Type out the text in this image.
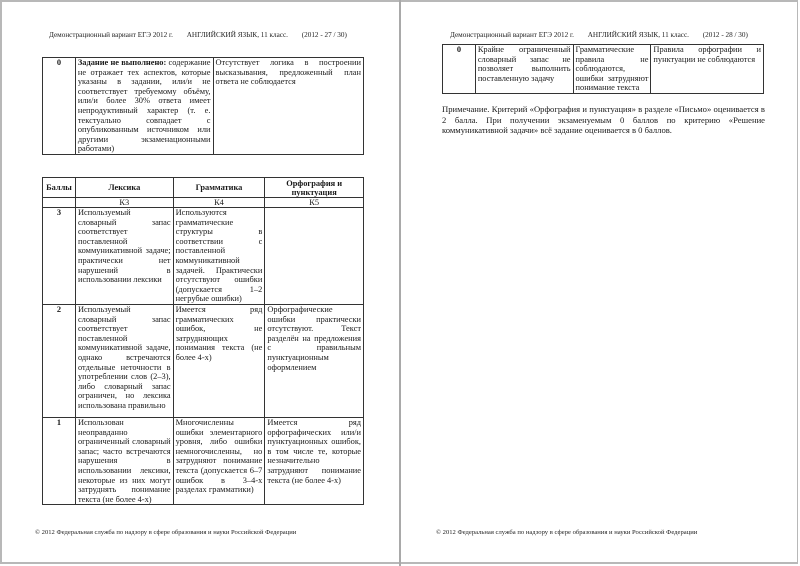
Демонстрационный вариант ЕГЭ 2012 г. АНГЛИЙСКИЙ ЯЗЫК, 11 класс. (2012 - 27 / 30)
0	Задание не выполнено: содержание не отражает тех аспектов, которые указаны в задании, или/и не соответствует требуемому объёму, или/и более 30% ответа имеет непродуктивный характер (т. е. текстуально совпадает с опубликованным источником или другими экзаменационными работами)	Отсутствует логика в построении высказывания, предложенный план ответа не соблюдается
Баллы	Лексика	Грамматика	Орфография и пунктуация
	К3	К4	К5
3	Используемый словарный запас соответствует поставленной коммуникативной задаче; практически нет нарушений в использовании лексики	Используются грамматические структуры в соответствии с поставленной коммуникативной задачей. Практически отсутствуют ошибки (допускается 1–2 негрубые ошибки)	
2	Используемый словарный запас соответствует поставленной коммуникативной задаче, однако встречаются отдельные неточности в употреблении слов (2–3), либо словарный запас ограничен, но лексика использована правильно	Имеется ряд грамматических ошибок, не затрудняющих понимания текста (не более 4-х)	Орфографические ошибки практически отсутствуют. Текст разделён на предложения с правильным пунктуационным оформлением
1	Использован неоправданно ограниченный словарный запас; часто встречаются нарушения в использовании лексики, некоторые из них могут затруднять понимание текста (не более 4-х)	Многочисленны ошибки элементарного уровня, либо ошибки немногочисленны, но затрудняют понимание текста (допускается 6–7 ошибок в 3–4-х разделах грамматики)	Имеется ряд орфографических или/и пунктуационных ошибок, в том числе те, которые незначительно затрудняют понимание текста (не более 4-х)
© 2012 Федеральная служба по надзору в сфере образования и науки Российской Федерации
Демонстрационный вариант ЕГЭ 2012 г. АНГЛИЙСКИЙ ЯЗЫК, 11 класс. (2012 - 28 / 30)
0	Крайне ограниченный словарный запас не позволяет выполнить поставленную задачу	Грамматические правила не соблюдаются, ошибки затрудняют понимание текста	Правила орфографии и пунктуации не соблюдаются
Примечание. Критерий «Орфография и пунктуация» в разделе «Письмо» оценивается в 2 балла. При получении экзаменуемым 0 баллов по критерию «Решение коммуникативной задачи» всё задание оценивается в 0 баллов.
© 2012 Федеральная служба по надзору в сфере образования и науки Российской Федерации
